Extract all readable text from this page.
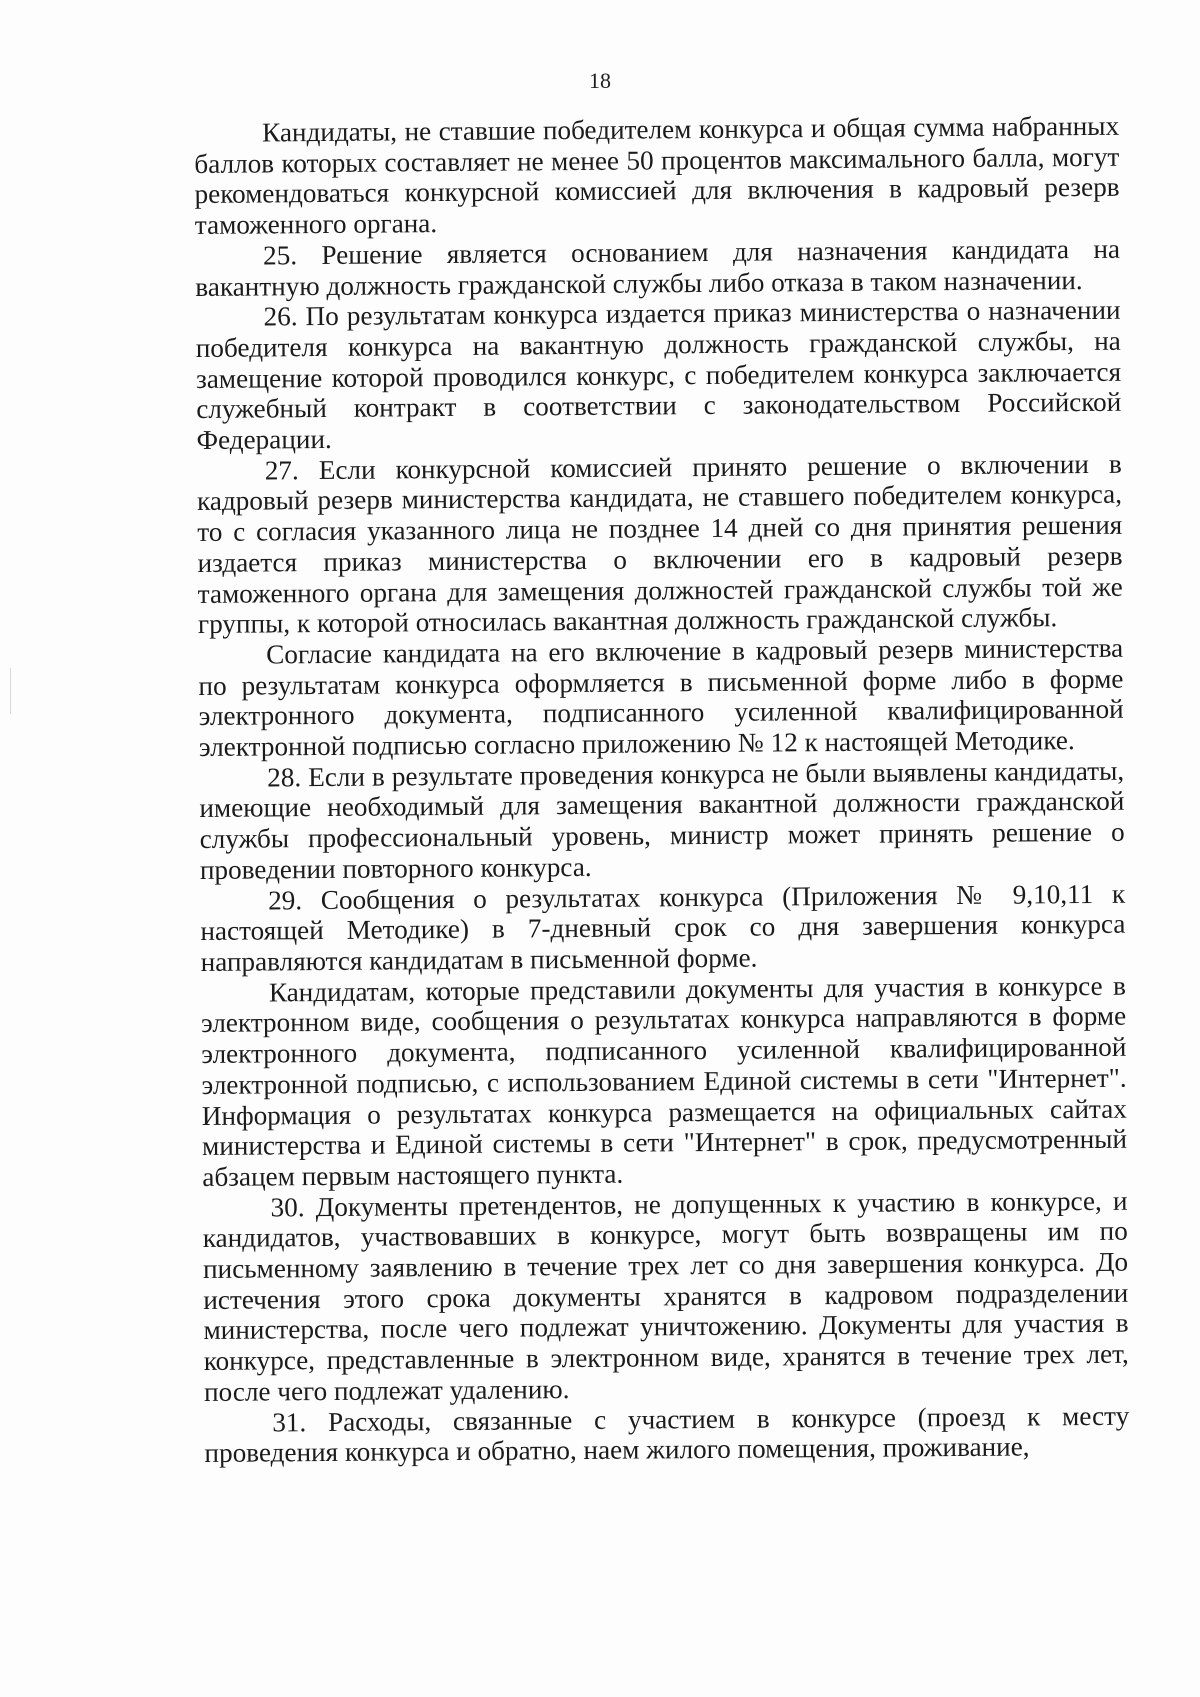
18

Кандидаты, не ставшие победителем конкурса и общая сумма набранных баллов которых составляет не менее 50 процентов максимального балла, могут рекомендоваться конкурсной комиссией для включения в кадровый резерв таможенного органа.

25. Решение является основанием для назначения кандидата на вакантную должность гражданской службы либо отказа в таком назначении.

26. По результатам конкурса издается приказ министерства о назначении победителя конкурса на вакантную должность гражданской службы, на замещение которой проводился конкурс, с победителем конкурса заключается служебный контракт в соответствии с законодательством Российской Федерации.

27. Если конкурсной комиссией принято решение о включении в кадровый резерв министерства кандидата, не ставшего победителем конкурса, то с согласия указанного лица не позднее 14 дней со дня принятия решения издается приказ министерства о включении его в кадровый резерв таможенного органа для замещения должностей гражданской службы той же группы, к которой относилась вакантная должность гражданской службы.

Согласие кандидата на его включение в кадровый резерв министерства по результатам конкурса оформляется в письменной форме либо в форме электронного документа, подписанного усиленной квалифицированной электронной подписью согласно приложению № 12 к настоящей Методике.

28. Если в результате проведения конкурса не были выявлены кандидаты, имеющие необходимый для замещения вакантной должности гражданской службы профессиональный уровень, министр может принять решение о проведении повторного конкурса.

29. Сообщения о результатах конкурса (Приложения № 9,10,11 к настоящей Методике) в 7-дневный срок со дня завершения конкурса направляются кандидатам в письменной форме.

Кандидатам, которые представили документы для участия в конкурсе в электронном виде, сообщения о результатах конкурса направляются в форме электронного документа, подписанного усиленной квалифицированной электронной подписью, с использованием Единой системы в сети "Интернет". Информация о результатах конкурса размещается на официальных сайтах министерства и Единой системы в сети "Интернет" в срок, предусмотренный абзацем первым настоящего пункта.

30. Документы претендентов, не допущенных к участию в конкурсе, и кандидатов, участвовавших в конкурсе, могут быть возвращены им по письменному заявлению в течение трех лет со дня завершения конкурса. До истечения этого срока документы хранятся в кадровом подразделении министерства, после чего подлежат уничтожению. Документы для участия в конкурсе, представленные в электронном виде, хранятся в течение трех лет, после чего подлежат удалению.

31. Расходы, связанные с участием в конкурсе (проезд к месту проведения конкурса и обратно, наем жилого помещения, проживание,
